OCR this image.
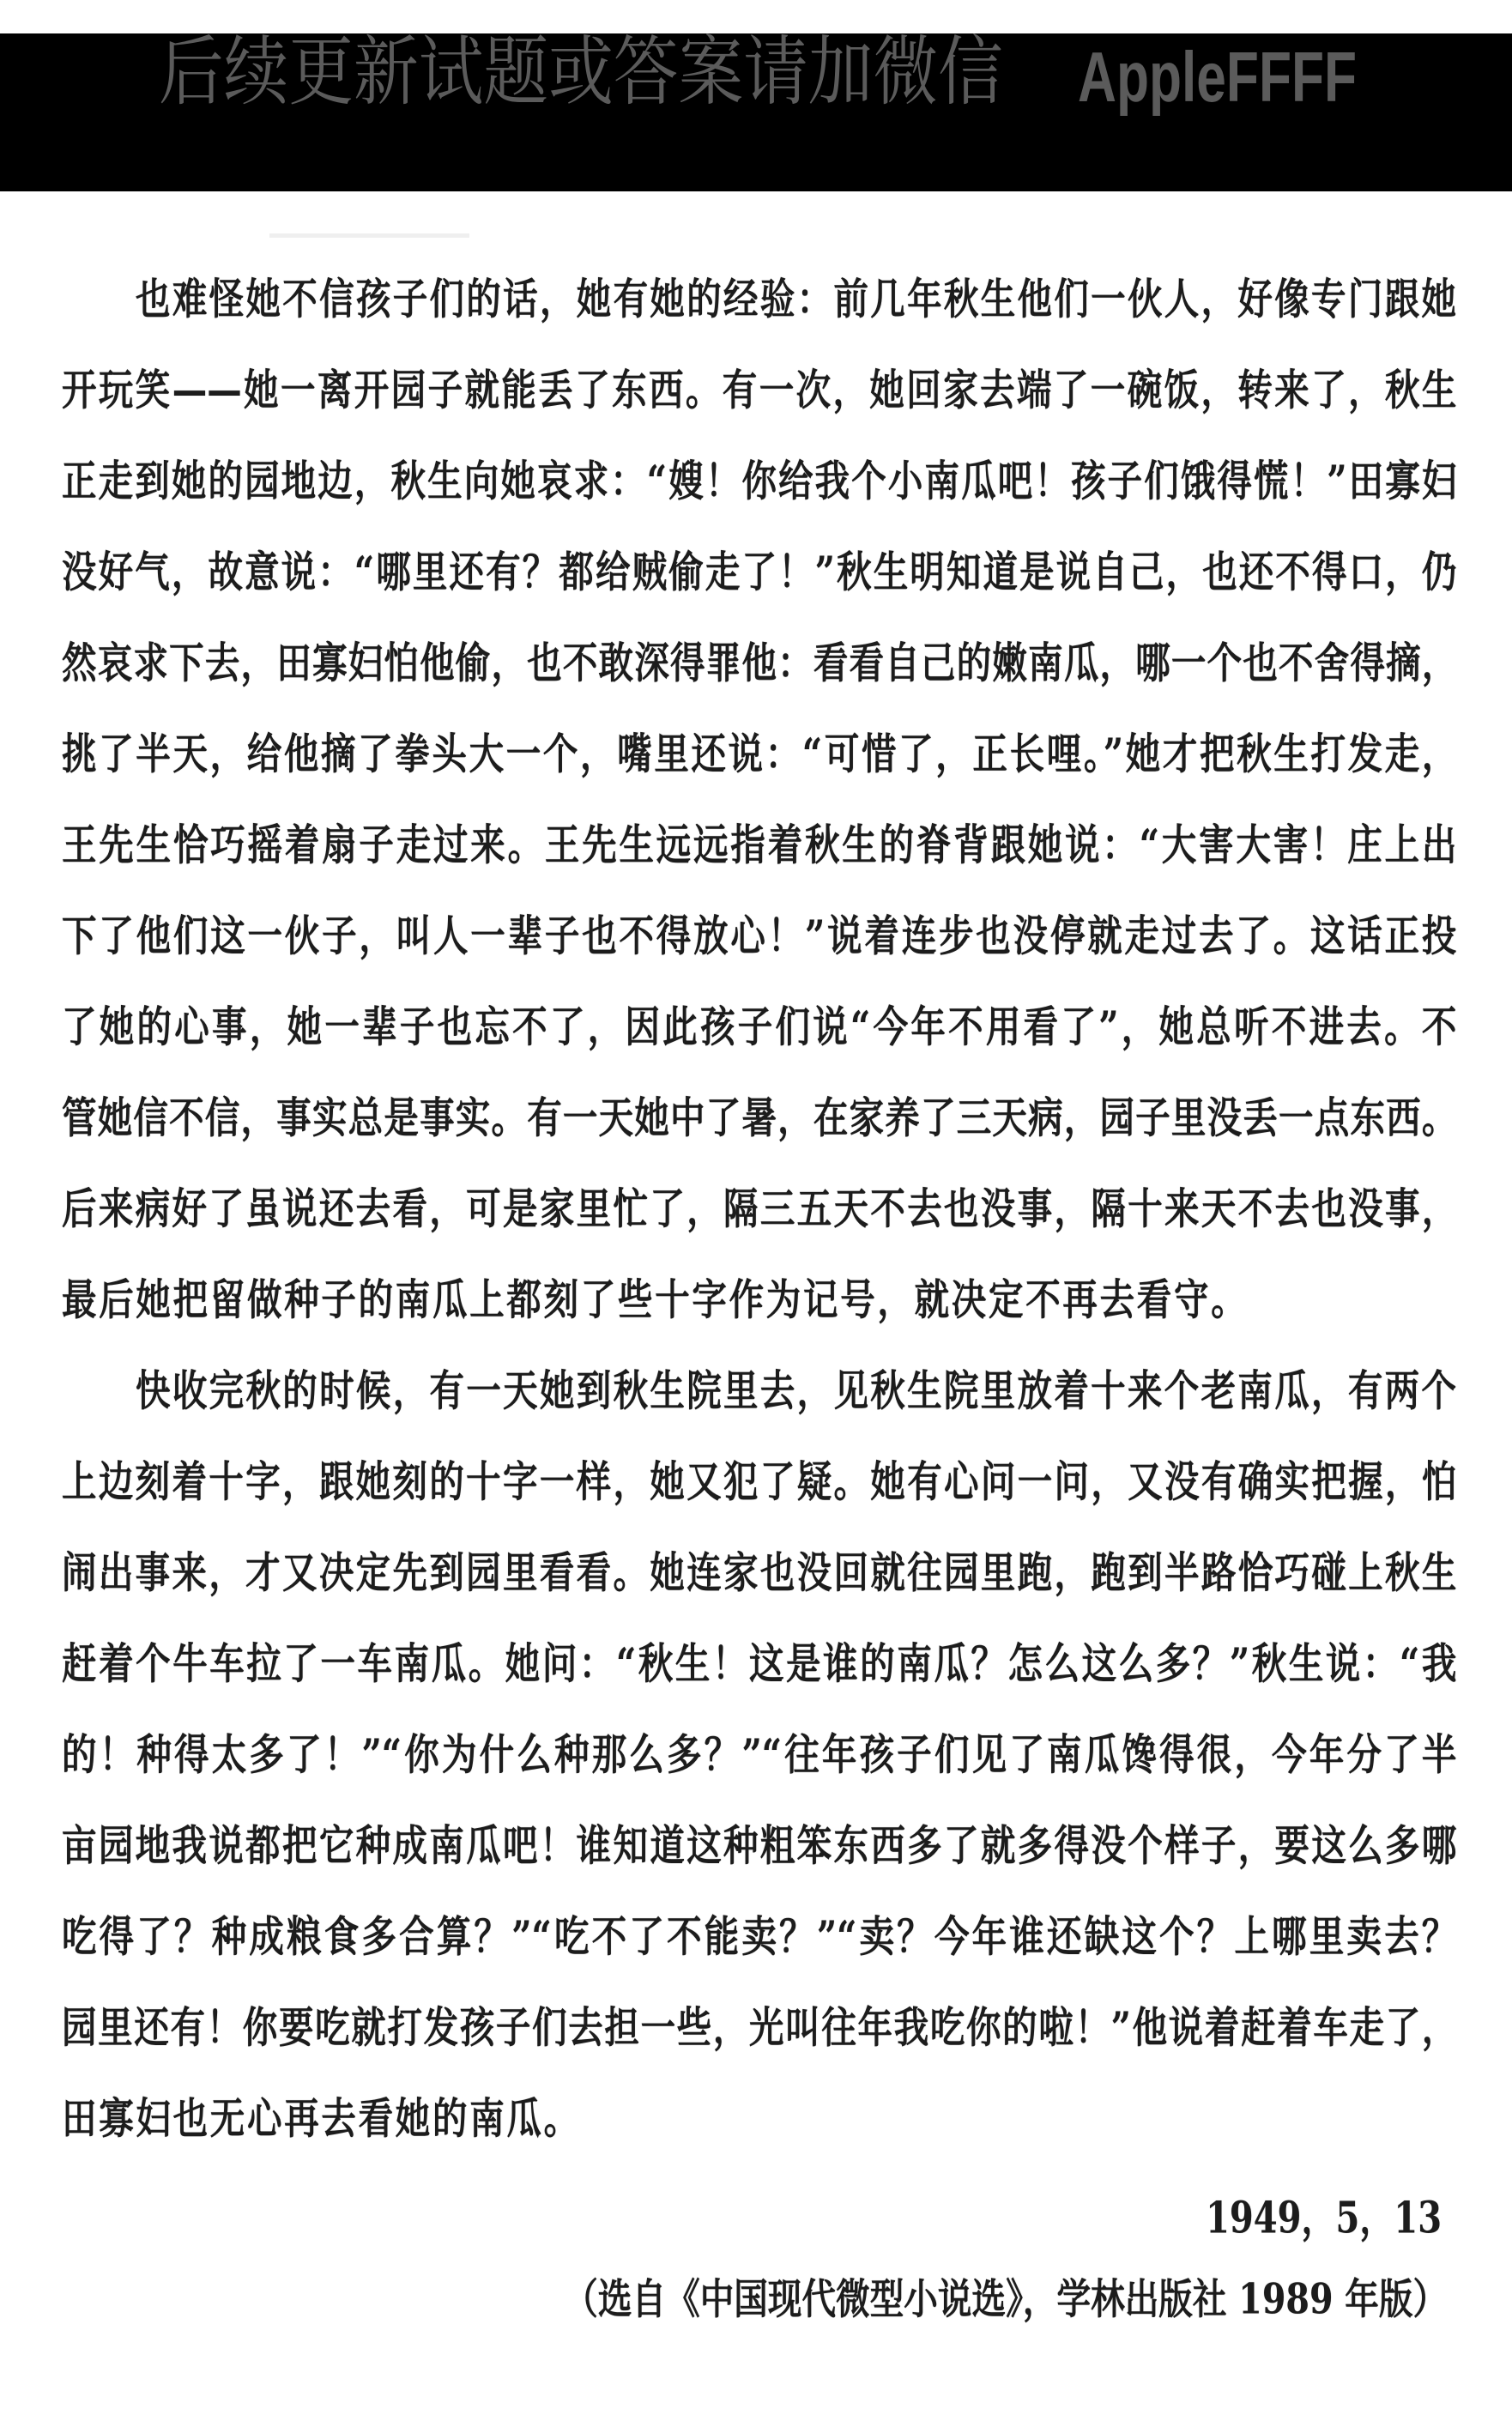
后续更新试题或答案请加微信 AppleFFFF
也难怪她不信孩子们的话，她有她的经验：前几年秋生他们一伙人，好像专门跟她
开玩笑——她一离开园子就能丢了东西。有一次，她回家去端了一碗饭，转来了，秋生
正走到她的园地边，秋生向她哀求：“嫂！你给我个小南瓜吧！孩子们饿得慌！”田寡妇
没好气，故意说：“哪里还有？都给贼偷走了！”秋生明知道是说自己，也还不得口，仍
然哀求下去，田寡妇怕他偷，也不敢深得罪他：看看自己的嫩南瓜，哪一个也不舍得摘，
挑了半天，给他摘了拳头大一个，嘴里还说：“可惜了，正长哩。”她才把秋生打发走，
王先生恰巧摇着扇子走过来。王先生远远指着秋生的脊背跟她说：“大害大害！庄上出
下了他们这一伙子，叫人一辈子也不得放心！”说着连步也没停就走过去了。这话正投
了她的心事，她一辈子也忘不了，因此孩子们说“今年不用看了”，她总听不进去。不
管她信不信，事实总是事实。有一天她中了暑，在家养了三天病，园子里没丢一点东西。
后来病好了虽说还去看，可是家里忙了，隔三五天不去也没事，隔十来天不去也没事，
最后她把留做种子的南瓜上都刻了些十字作为记号，就决定不再去看守。
快收完秋的时候，有一天她到秋生院里去，见秋生院里放着十来个老南瓜，有两个
上边刻着十字，跟她刻的十字一样，她又犯了疑。她有心问一问，又没有确实把握，怕
闹出事来，才又决定先到园里看看。她连家也没回就往园里跑，跑到半路恰巧碰上秋生
赶着个牛车拉了一车南瓜。她问：“秋生！这是谁的南瓜？怎么这么多？”秋生说：“我
的！种得太多了！”“你为什么种那么多？”“往年孩子们见了南瓜馋得很，今年分了半
亩园地我说都把它种成南瓜吧！谁知道这种粗笨东西多了就多得没个样子，要这么多哪
吃得了？种成粮食多合算？”“吃不了不能卖？”“卖？今年谁还缺这个？上哪里卖去？
园里还有！你要吃就打发孩子们去担一些，光叫往年我吃你的啦！”他说着赶着车走了，
田寡妇也无心再去看她的南瓜。
1949，5，13
（选自《中国现代微型小说选》，学林出版社 1989 年版）
